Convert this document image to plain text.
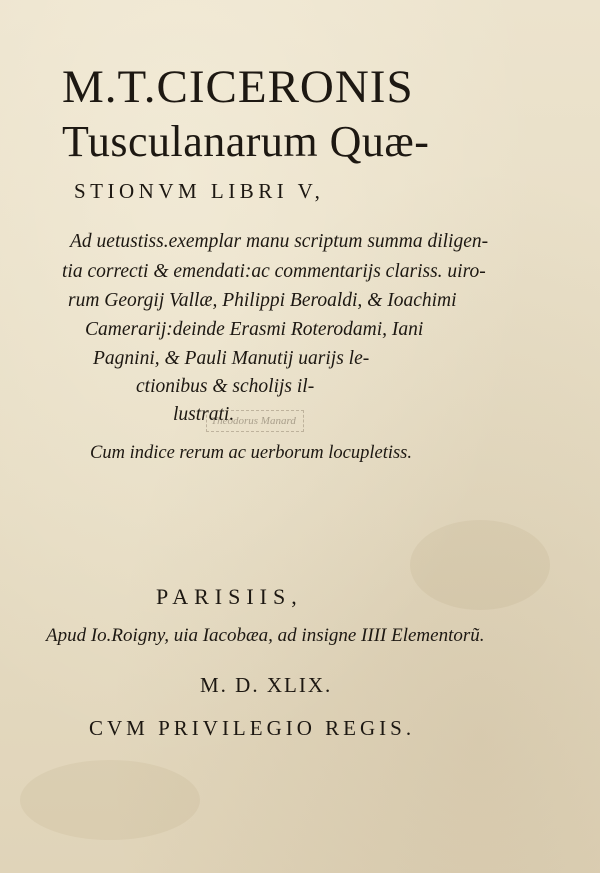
M.T.CICERONIS
Tusculanarum Quæ-
STIONVM LIBRI V,
Ad uetustiss.exemplar manu scriptum summa diligen-
tia correcti & emendati:ac commentarijs clariss. uiro-
rum Georgij Vallæ, Philippi Beroaldi, & Ioachimi
Camerarij:deinde Erasmi Roterodami, Iani
Pagnini, & Pauli Manutij uarijs le-
ctionibus & scholijs il-
lustrati.
Theodorus Manard
Cum indice rerum ac uerborum locupletiss.
PARISIIS,
Apud Io.Roigny, uia Iacobæa, ad insigne IIII Elementorũ.
M. D. XLIX.
CVM PRIVILEGIO REGIS.
